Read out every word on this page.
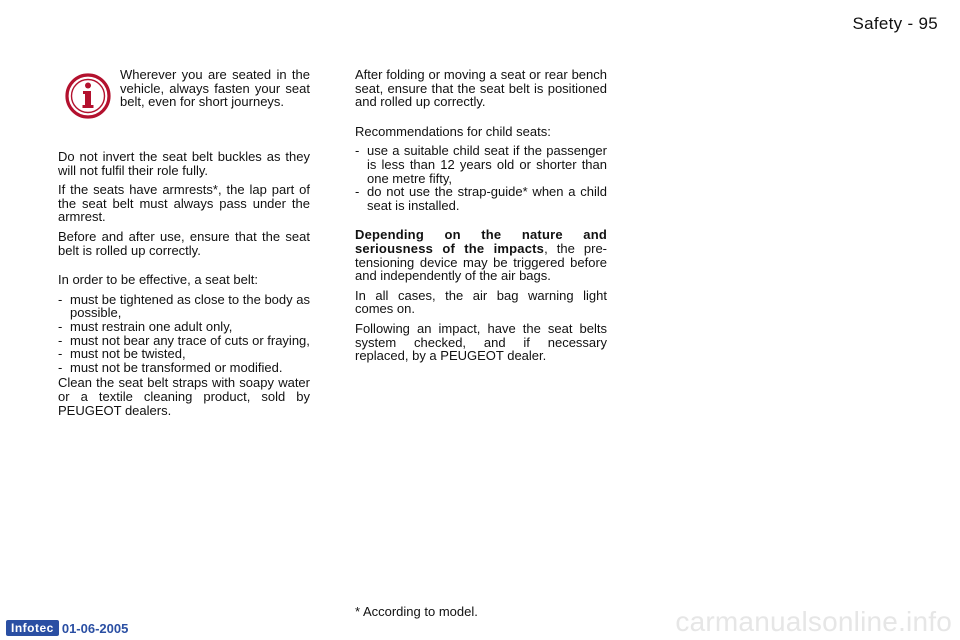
Safety - 95
Wherever you are seated in the vehicle, always fasten your seat belt, even for short journeys.

Do not invert the seat belt buckles as they will not fulfil their role fully.

If the seats have armrests*, the lap part of the seat belt must always pass under the armrest.

Before and after use, ensure that the seat belt is rolled up correctly.

In order to be effective, a seat belt:

- must be tightened as close to the body as possible,
- must restrain one adult only,
- must not bear any trace of cuts or fraying,
- must not be twisted,
- must not be transformed or modified.

Clean the seat belt straps with soapy water or a textile cleaning product, sold by PEUGEOT dealers.

After folding or moving a seat or rear bench seat, ensure that the seat belt is positioned and rolled up correctly.

Recommendations for child seats:

- use a suitable child seat if the passenger is less than 12 years old or shorter than one metre fifty,
- do not use the strap-guide* when a child seat is installed.

Depending on the nature and seriousness of the impacts, the pre-tensioning device may be triggered before and independently of the air bags.

In all cases, the air bag warning light comes on.

Following an impact, have the seat belts system checked, and if necessary replaced, by a PEUGEOT dealer.

* According to model.
Infotec 01-06-2005	carmanualsonline.info
